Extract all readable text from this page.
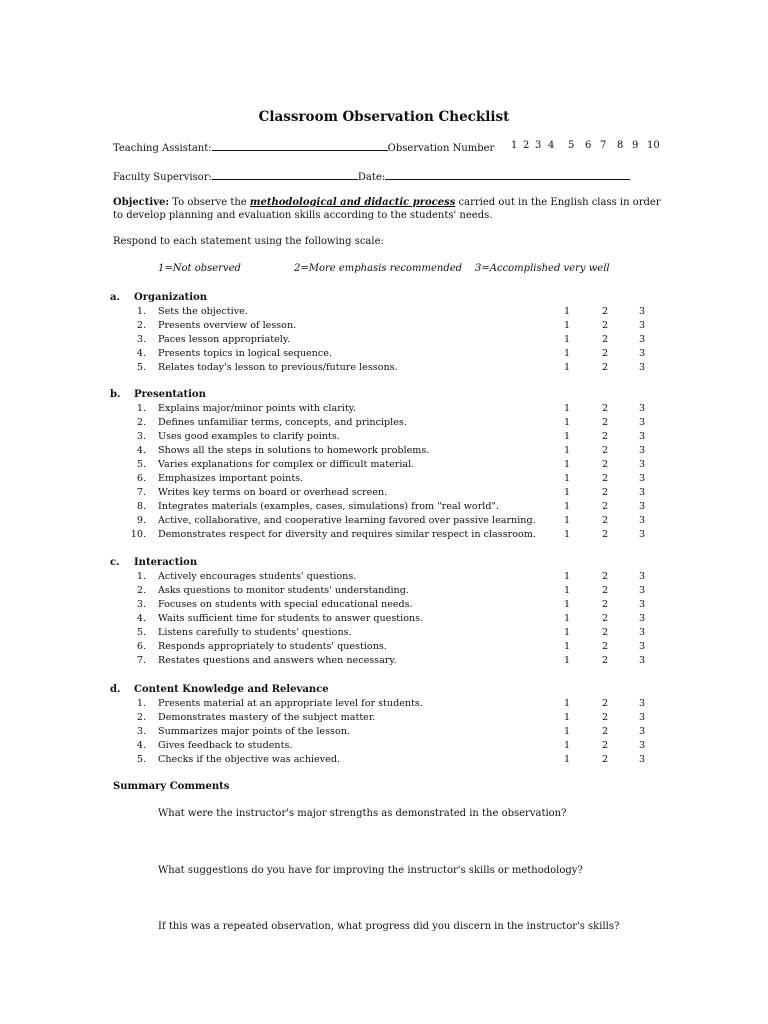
Classroom Observation Checklist
Teaching Assistant:	Observation Number 1 2 3 4 5 6 7 8 9 10
Faculty Supervisor:	Date:
Objective: To observe the methodological and didactic process carried out in the English class in order to develop planning and evaluation skills according to the students' needs.
Respond to each statement using the following scale:
1=Not observed	2=More emphasis recommended 3=Accomplished very well
a. Organization
1. Sets the objective.	1	2	3
2. Presents overview of lesson.	1	2	3
3. Paces lesson appropriately.	1	2	3
4. Presents topics in logical sequence.	1	2	3
5. Relates today's lesson to previous/future lessons.	1	2	3
b. Presentation
1. Explains major/minor points with clarity.	1	2	3
2. Defines unfamiliar terms, concepts, and principles.	1	2	3
3. Uses good examples to clarify points.	1	2	3
4. Shows all the steps in solutions to homework problems.	1	2	3
5. Varies explanations for complex or difficult material.	1	2	3
6. Emphasizes important points.	1	2	3
7. Writes key terms on board or overhead screen.	1	2	3
8. Integrates materials (examples, cases, simulations) from "real world".	1	2	3
9. Active, collaborative, and cooperative learning favored over passive learning.	1	2	3
10. Demonstrates respect for diversity and requires similar respect in classroom.	1	2	3
c. Interaction
1. Actively encourages students' questions.	1	2	3
2. Asks questions to monitor students' understanding.	1	2	3
3. Focuses on students with special educational needs.	1	2	3
4. Waits sufficient time for students to answer questions.	1	2	3
5. Listens carefully to students' questions.	1	2	3
6. Responds appropriately to students' questions.	1	2	3
7. Restates questions and answers when necessary.	1	2	3
d. Content Knowledge and Relevance
1. Presents material at an appropriate level for students.	1	2	3
2. Demonstrates mastery of the subject matter.	1	2	3
3. Summarizes major points of the lesson.	1	2	3
4. Gives feedback to students.	1	2	3
5. Checks if the objective was achieved.	1	2	3
Summary Comments
What were the instructor's major strengths as demonstrated in the observation?
What suggestions do you have for improving the instructor's skills or methodology?
If this was a repeated observation, what progress did you discern in the instructor's skills?
